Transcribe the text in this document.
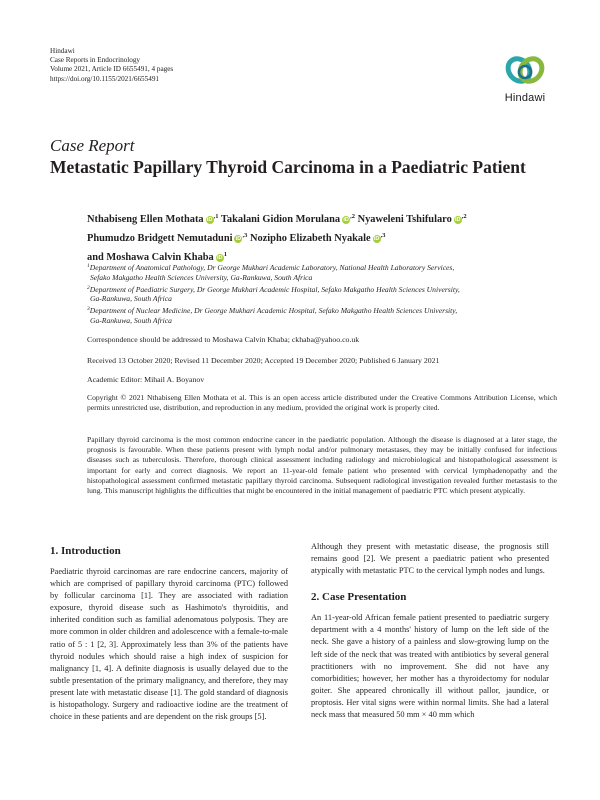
Hindawi
Case Reports in Endocrinology
Volume 2021, Article ID 6655491, 4 pages
https://doi.org/10.1155/2021/6655491
Hindawi
Case Report
Metastatic Papillary Thyroid Carcinoma in a Paediatric Patient
Nthabiseng Ellen Mothata $iD^{,1}$ Takalani Gidion Morulana $iD^{,2}$ Nyaweleni Tshifularo $iD^{,2}$ Phumudzo Bridgett Nemutaduni $iD^{,3}$ Nozipho Elizabeth Nyakale $iD^{,3}$
and Moshawa Calvin Khaba $iD^1$
$^1$Department of Anatomical Pathology, Dr George Mukhari Academic Laboratory, National Health Laboratory Services,
Sefako Makgatho Health Sciences University, Ga-Rankuwa, South Africa
$^2$Department of Paediatric Surgery, Dr George Mukhari Academic Hospital, Sefako Makgatho Health Sciences University,
Ga-Rankuwa, South Africa
$^3$Department of Nuclear Medicine, Dr George Mukhari Academic Hospital, Sefako Makgatho Health Sciences University,
Ga-Rankuwa, South Africa
Correspondence should be addressed to Moshawa Calvin Khaba; ckhaba@yahoo.co.uk
Received 13 October 2020; Revised 11 December 2020; Accepted 19 December 2020; Published 6 January 2021
Academic Editor: Mihail A. Boyanov
Copyright © 2021 Nthabiseng Ellen Mothata et al. This is an open access article distributed under the Creative Commons Attribution License, which permits unrestricted use, distribution, and reproduction in any medium, provided the original work is properly cited.
Papillary thyroid carcinoma is the most common endocrine cancer in the paediatric population. Although the disease is diagnosed at a later stage, the prognosis is favourable. When these patients present with lymph nodal and/or pulmonary metastases, they may be initially confused for infectious diseases such as tuberculosis. Therefore, thorough clinical assessment including radiology and microbiological and histopathological assessment is important for early and correct diagnosis. We report an 11-year-old female patient who presented with cervical lymphadenopathy and the histopathological assessment confirmed metastatic papillary thyroid carcinoma. Subsequent radiological investigation revealed further metastasis to the lung. This manuscript highlights the difficulties that might be encountered in the initial management of paediatric PTC which present atypically.
1. Introduction

Paediatric thyroid carcinomas are rare endocrine cancers, majority of which are comprised of papillary thyroid carcinoma (PTC) followed by follicular carcinoma [1]. They are associated with radiation exposure, thyroid disease such as Hashimoto's thyroiditis, and inherited condition such as familial adenomatous polyposis. They are more common in older children and adolescence with a female-to-male ratio of 5 : 1 [2, 3]. Approximately less than 3% of the patients have thyroid nodules which should raise a high index of suspicion for malignancy [1, 4]. A definite diagnosis is usually delayed due to the subtle presentation of the primary malignancy, and therefore, they may present late with metastatic disease [1]. The gold standard of diagnosis is histopathology. Surgery and radioactive iodine are the treatment of choice in these patients and are dependent on the risk groups [5].

Although they present with metastatic disease, the prognosis still remains good [2]. We present a paediatric patient who presented atypically with metastatic PTC to the cervical lymph nodes and lungs.

2. Case Presentation

An 11-year-old African female patient presented to paediatric surgery department with a 4 months' history of lump on the left side of the neck. She gave a history of a painless and slow-growing lump on the left side of the neck that was treated with antibiotics by several general practitioners with no improvement. She did not have any comorbidities; however, her mother has a thyroidectomy for nodular goiter. She appeared chronically ill without pallor, jaundice, or proptosis. Her vital signs were within normal limits. She had a lateral neck mass that measured 50 mm × 40 mm which
